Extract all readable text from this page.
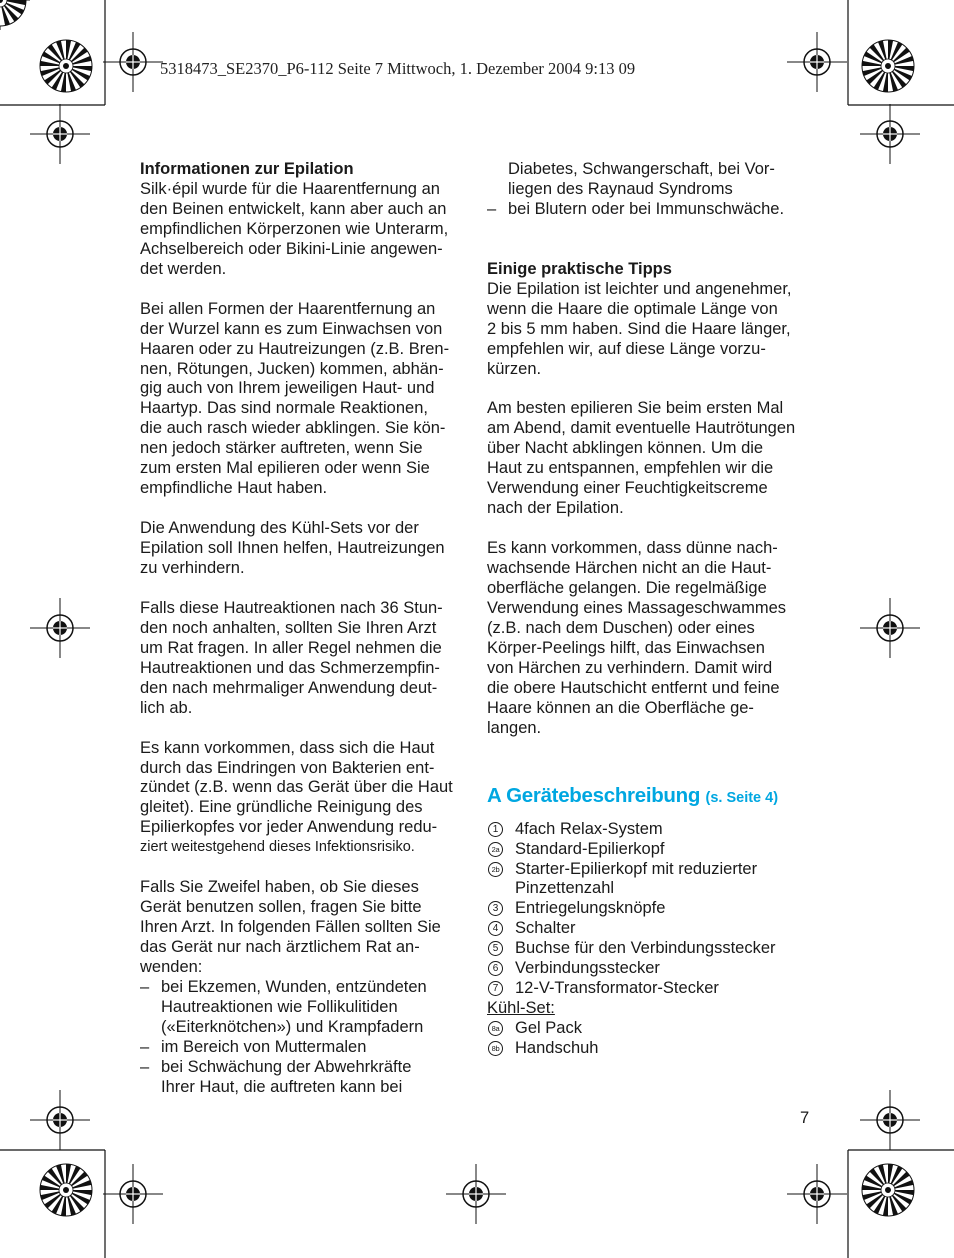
5318473_SE2370_P6-112 Seite 7 Mittwoch, 1. Dezember 2004 9:13 09

Informationen zur Epilation

Silk·épil wurde für die Haarentfernung an
den Beinen entwickelt, kann aber auch an
empfindlichen Körperzonen wie Unterarm,
Achselbereich oder Bikini-Linie angewen-
det werden.

Bei allen Formen der Haarentfernung an
der Wurzel kann es zum Einwachsen von
Haaren oder zu Hautreizungen (z.B. Bren-
nen, Rötungen, Jucken) kommen, abhän-
gig auch von Ihrem jeweiligen Haut- und
Haartyp. Das sind normale Reaktionen,
die auch rasch wieder abklingen. Sie kön-
nen jedoch stärker auftreten, wenn Sie
zum ersten Mal epilieren oder wenn Sie
empfindliche Haut haben.

Die Anwendung des Kühl-Sets vor der
Epilation soll Ihnen helfen, Hautreizungen
zu verhindern.

Falls diese Hautreaktionen nach 36 Stun-
den noch anhalten, sollten Sie Ihren Arzt
um Rat fragen. In aller Regel nehmen die
Hautreaktionen und das Schmerzempfin-
den nach mehrmaliger Anwendung deut-
lich ab.

Es kann vorkommen, dass sich die Haut
durch das Eindringen von Bakterien ent-
zündet (z.B. wenn das Gerät über die Haut
gleitet). Eine gründliche Reinigung des
Epilierkopfes vor jeder Anwendung redu-

ziert weitestgehend dieses Infektionsrisiko.

Falls Sie Zweifel haben, ob Sie dieses
Gerät benutzen sollen, fragen Sie bitte
Ihren Arzt. In folgenden Fällen sollten Sie
das Gerät nur nach ärztlichem Rat an-
wenden:

– bei Ekzemen, Wunden, entzündeten
Hautreaktionen wie Follikulitiden
(«Eiterknötchen») und Krampfadern

– im Bereich von Muttermalen

– bei Schwächung der Abwehrkräfte
Ihrer Haut, die auftreten kann bei

Diabetes, Schwangerschaft, bei Vor-
liegen des Raynaud Syndroms

– bei Blutern oder bei Immunschwäche.

Einige praktische Tipps

Die Epilation ist leichter und angenehmer,
wenn die Haare die optimale Länge von
2 bis 5 mm haben. Sind die Haare länger,
empfehlen wir, auf diese Länge vorzu-
kürzen.

Am besten epilieren Sie beim ersten Mal
am Abend, damit eventuelle Hautrötungen
über Nacht abklingen können. Um die
Haut zu entspannen, empfehlen wir die
Verwendung einer Feuchtigkeitscreme
nach der Epilation.

Es kann vorkommen, dass dünne nach-
wachsende Härchen nicht an die Haut-
oberfläche gelangen. Die regelmäßige
Verwendung eines Massageschwammes
(z.B. nach dem Duschen) oder eines
Körper-Peelings hilft, das Einwachsen
von Härchen zu verhindern. Damit wird
die obere Hautschicht entfernt und feine
Haare können an die Oberfläche ge-
langen.

A Gerätebeschreibung (s. Seite 4)

1 4fach Relax-System

2a Standard-Epilierkopf

2b Starter-Epilierkopf mit reduzierter
Pinzettenzahl

3 Entriegelungsknöpfe

4 Schalter

5 Buchse für den Verbindungsstecker

6 Verbindungsstecker

7 12-V-Transformator-Stecker

Kühl-Set:

8a Gel Pack

8b Handschuh

7
